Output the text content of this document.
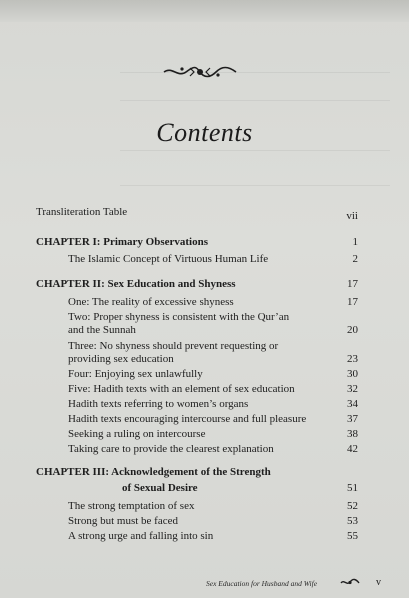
Contents
Transliteration Table	vii
CHAPTER I: Primary Observations	1
The Islamic Concept of Virtuous Human Life	2
CHAPTER II: Sex Education and Shyness	17
One: The reality of excessive shyness	17
Two: Proper shyness is consistent with the Qur’an
and the Sunnah	20
Three: No shyness should prevent requesting or
providing sex education	23
Four: Enjoying sex unlawfully	30
Five: Hadith texts with an element of sex education	32
Hadith texts referring to women’s organs	34
Hadith texts encouraging intercourse and full pleasure	37
Seeking a ruling on intercourse	38
Taking care to provide the clearest explanation	42
CHAPTER III: Acknowledgement of the Strength
of Sexual Desire	51
The strong temptation of sex	52
Strong but must be faced	53
A strong urge and falling into sin	55
Sex Education for Husband and Wife	v
